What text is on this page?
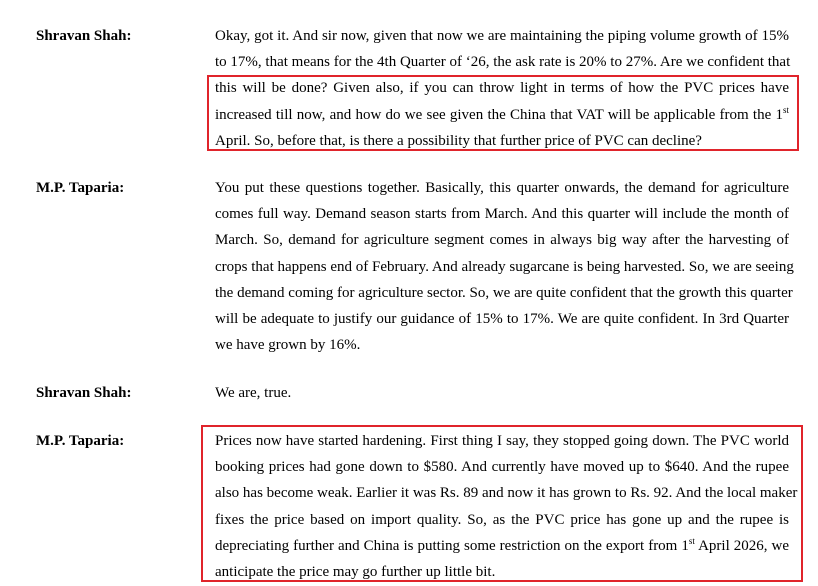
Shravan Shah:	Okay, got it. And sir now, given that now we are maintaining the piping volume growth of 15%
to 17%, that means for the 4th Quarter of ‘26, the ask rate is 20% to 27%. Are we confident that
this will be done? Given also, if you can throw light in terms of how the PVC prices have
increased till now, and how do we see given the China that VAT will be applicable from the 1st
April. So, before that, is there a possibility that further price of PVC can decline?
M.P. Taparia:	You put these questions together. Basically, this quarter onwards, the demand for agriculture
comes full way. Demand season starts from March. And this quarter will include the month of
March. So, demand for agriculture segment comes in always big way after the harvesting of
crops that happens end of February. And already sugarcane is being harvested. So, we are seeing
the demand coming for agriculture sector. So, we are quite confident that the growth this quarter
will be adequate to justify our guidance of 15% to 17%. We are quite confident. In 3rd Quarter
we have grown by 16%.
Shravan Shah:	We are, true.
M.P. Taparia:	Prices now have started hardening. First thing I say, they stopped going down. The PVC world
booking prices had gone down to $580. And currently have moved up to $640. And the rupee
also has become weak. Earlier it was Rs. 89 and now it has grown to Rs. 92. And the local maker
fixes the price based on import quality. So, as the PVC price has gone up and the rupee is
depreciating further and China is putting some restriction on the export from 1st April 2026, we
anticipate the price may go further up little bit.
